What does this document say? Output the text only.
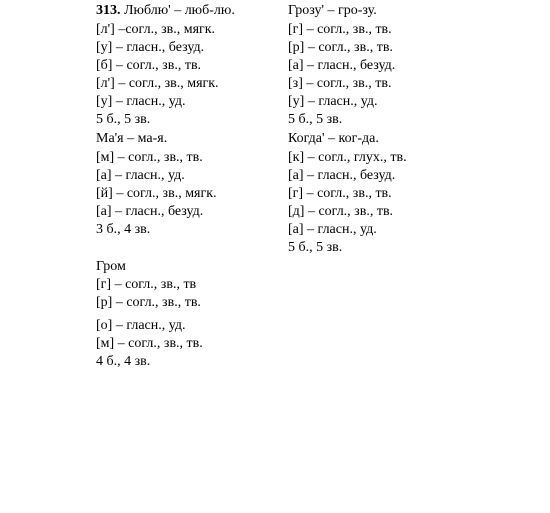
313. Люблю' – люб-лю.
[л'] –согл., зв., мягк.
[у] – гласн., безуд.
[б] – согл., зв., тв.
[л'] – согл., зв., мягк.
[у] – гласн., уд.
5 б., 5 зв.
Ма'я – ма-я.
[м] – согл., зв., тв.
[а] – гласн., уд.
[й] – согл., зв., мягк.
[а] – гласн., безуд.
3 б., 4 зв.
Гром
[г] – согл., зв., тв
[р] – согл., зв., тв.
[о] – гласн., уд.
[м] – согл., зв., тв.
4 б., 4 зв.
Грозу' – гро-зу.
[г] – согл., зв., тв.
[р] – согл., зв., тв.
[а] – гласн., безуд.
[з] – согл., зв., тв.
[у] – гласн., уд.
5 б., 5 зв.
Когда' – ког-да.
[к] – согл., глух., тв.
[а] – гласн., безуд.
[г] – согл., зв., тв.
[д] – согл., зв., тв.
[а] – гласн., уд.
5 б., 5 зв.
